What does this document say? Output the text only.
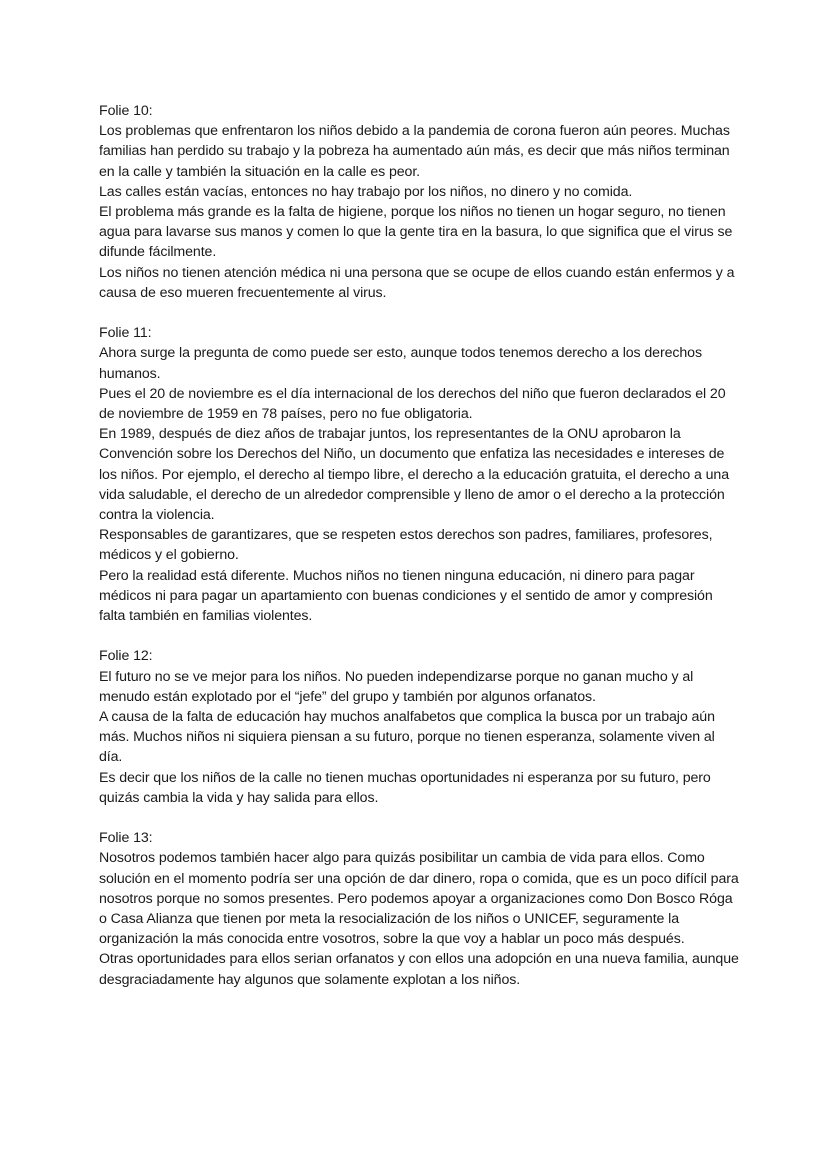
Folie 10:
Los problemas que enfrentaron los niños debido a la pandemia de corona fueron aún peores. Muchas familias han perdido su trabajo y la pobreza ha aumentado aún más, es decir que más niños terminan en la calle y también la situación en la calle es peor.
Las calles están vacías, entonces no hay trabajo por los niños, no dinero y no comida.
El problema más grande es la falta de higiene, porque los niños no tienen un hogar seguro, no tienen agua para lavarse sus manos y comen lo que la gente tira en la basura, lo que significa que el virus se difunde fácilmente.
Los niños no tienen atención médica ni una persona que se ocupe de ellos cuando están enfermos y a causa de eso mueren frecuentemente al virus.
Folie 11:
Ahora surge la pregunta de como puede ser esto, aunque todos tenemos derecho a los derechos humanos.
Pues el 20 de noviembre es el día internacional de los derechos del niño que fueron declarados el 20 de noviembre de 1959 en 78 países, pero no fue obligatoria.
En 1989, después de diez años de trabajar juntos, los representantes de la ONU aprobaron la Convención sobre los Derechos del Niño, un documento que enfatiza las necesidades e intereses de los niños. Por ejemplo, el derecho al tiempo libre, el derecho a la educación gratuita, el derecho a una vida saludable, el derecho de un alrededor comprensible y lleno de amor o el derecho a la protección contra la violencia.
Responsables de garantizares, que se respeten estos derechos son padres, familiares, profesores, médicos y el gobierno.
Pero la realidad está diferente. Muchos niños no tienen ninguna educación, ni dinero para pagar médicos ni para pagar un apartamiento con buenas condiciones y el sentido de amor y compresión falta también en familias violentes.
Folie 12:
El futuro no se ve mejor para los niños. No pueden independizarse porque no ganan mucho y al menudo están explotado por el “jefe” del grupo y también por algunos orfanatos.
A causa de la falta de educación hay muchos analfabetos que complica la busca por un trabajo aún más. Muchos niños ni siquiera piensan a su futuro, porque no tienen esperanza, solamente viven al día.
Es decir que los niños de la calle no tienen muchas oportunidades ni esperanza por su futuro, pero quizás cambia la vida y hay salida para ellos.
Folie 13:
Nosotros podemos también hacer algo para quizás posibilitar un cambia de vida para ellos. Como solución en el momento podría ser una opción de dar dinero, ropa o comida, que es un poco difícil para nosotros porque no somos presentes. Pero podemos apoyar a organizaciones como Don Bosco Róga o Casa Alianza que tienen por meta la resocialización de los niños o UNICEF, seguramente la organización la más conocida entre vosotros, sobre la que voy a hablar un poco más después.
Otras oportunidades para ellos serian orfanatos y con ellos una adopción en una nueva familia, aunque desgraciadamente hay algunos que solamente explotan a los niños.
